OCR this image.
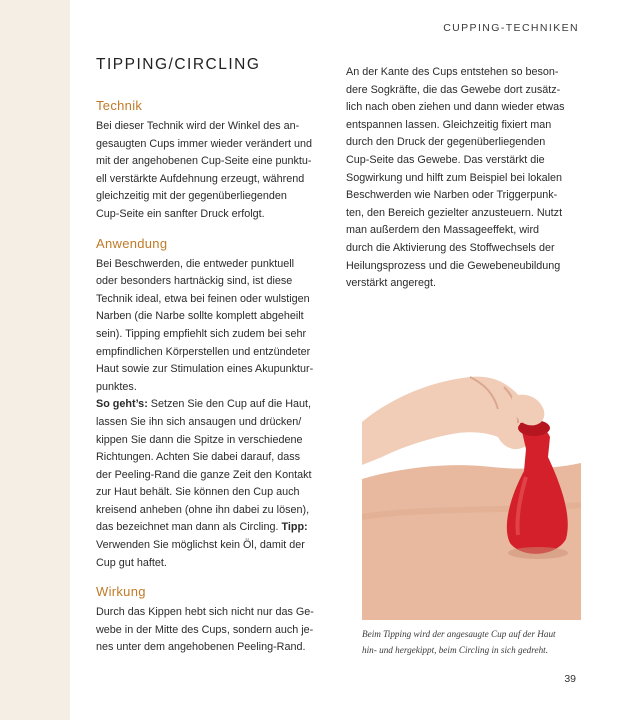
CUPPING-TECHNIKEN
TIPPING/CIRCLING
Technik

Bei dieser Technik wird der Winkel des an-
gesaugten Cups immer wieder verändert und
mit der angehobenen Cup-Seite eine punktu-
ell verstärkte Aufdehnung erzeugt, während
gleichzeitig mit der gegenüberliegenden
Cup-Seite ein sanfter Druck erfolgt.

Anwendung

Bei Beschwerden, die entweder punktuell
oder besonders hartnäckig sind, ist diese
Technik ideal, etwa bei feinen oder wulstigen
Narben (die Narbe sollte komplett abgeheilt
sein). Tipping empfiehlt sich zudem bei sehr
empfindlichen Körperstellen und entzündeter
Haut sowie zur Stimulation eines Akupunktur-
punktes.
So geht’s: Setzen Sie den Cup auf die Haut,
lassen Sie ihn sich ansaugen und drücken/
kippen Sie dann die Spitze in verschiedene
Richtungen. Achten Sie dabei darauf, dass
der Peeling-Rand die ganze Zeit den Kontakt
zur Haut behält. Sie können den Cup auch
kreisend anheben (ohne ihn dabei zu lösen),
das bezeichnet man dann als Circling. Tipp:
Verwenden Sie möglichst kein Öl, damit der
Cup gut haftet.

Wirkung

Durch das Kippen hebt sich nicht nur das Ge-
webe in der Mitte des Cups, sondern auch je-
nes unter dem angehobenen Peeling-Rand.

An der Kante des Cups entstehen so beson-
dere Sogkräfte, die das Gewebe dort zusätz-
lich nach oben ziehen und dann wieder etwas
entspannen lassen. Gleichzeitig fixiert man
durch den Druck der gegenüberliegenden
Cup-Seite das Gewebe. Das verstärkt die
Sogwirkung und hilft zum Beispiel bei lokalen
Beschwerden wie Narben oder Triggerpunk-
ten, den Bereich gezielter anzusteuern. Nutzt
man außerdem den Massageeffekt, wird
durch die Aktivierung des Stoffwechsels der
Heilungsprozess und die Gewebeneubildung
verstärkt angeregt.

Beim Tipping wird der angesaugte Cup auf der Haut
hin- und hergekippt, beim Circling in sich gedreht.
39
